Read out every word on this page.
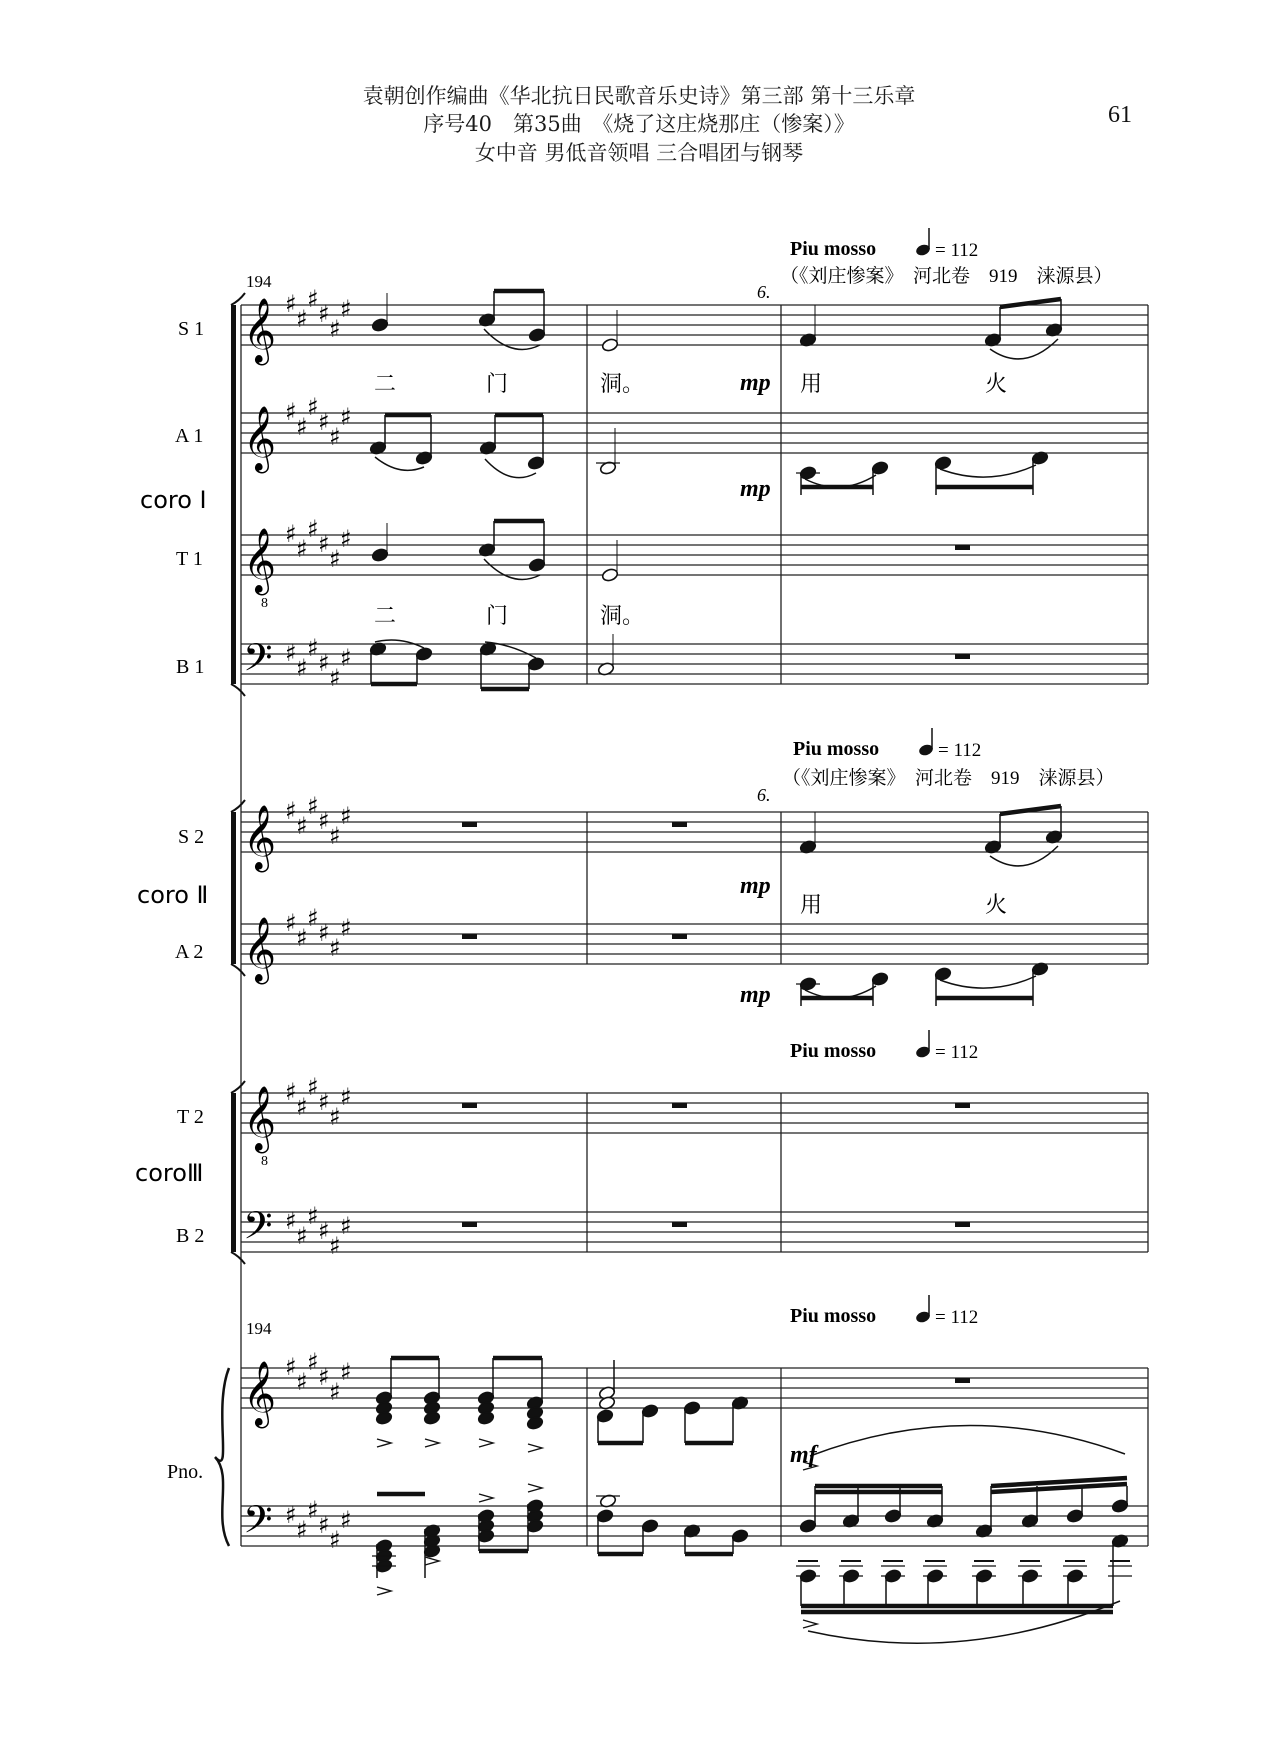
袁朝创作编曲《华北抗日民歌音乐史诗》第三部 第十三乐章
序号40　第35曲　《烧了这庄烧那庄（惨案）》
女中音 男低音领唱 三合唱团与钢琴
61
𝄞 ♯
♯
♯
♯
♯
♯
𝄞 ♯
♯
♯
♯
♯
♯
𝄞
8
♯
♯
♯
♯
♯
♯
𝄢 ♯
♯
♯
♯
♯
♯
𝄞 ♯
♯
♯
♯
♯
♯
𝄞 ♯
♯
♯
♯
♯
♯
𝄞
8
♯
♯
♯
♯
♯
♯
𝄢 ♯
♯
♯
♯
♯
♯
𝄞 ♯
♯
♯
♯
♯
♯
𝄢 ♯
♯
♯
♯
♯
♯
Piu mosso	= 112
（《刘庄惨案》　河北卷　919　涞源县）
Piu mosso	= 112
（《刘庄惨案》　河北卷　919　涞源县）
Piu mosso	= 112
Piu mosso	= 112
6.
6.
194
194
S 1
A 1
coro Ⅰ
T 1
B 1
S 2
coro Ⅱ
A 2
T 2
coroⅢ
B 2
Pno.
二	门	洞。	用	火
二	门	洞。
用	火
mp
mp
mp
mp
mf
